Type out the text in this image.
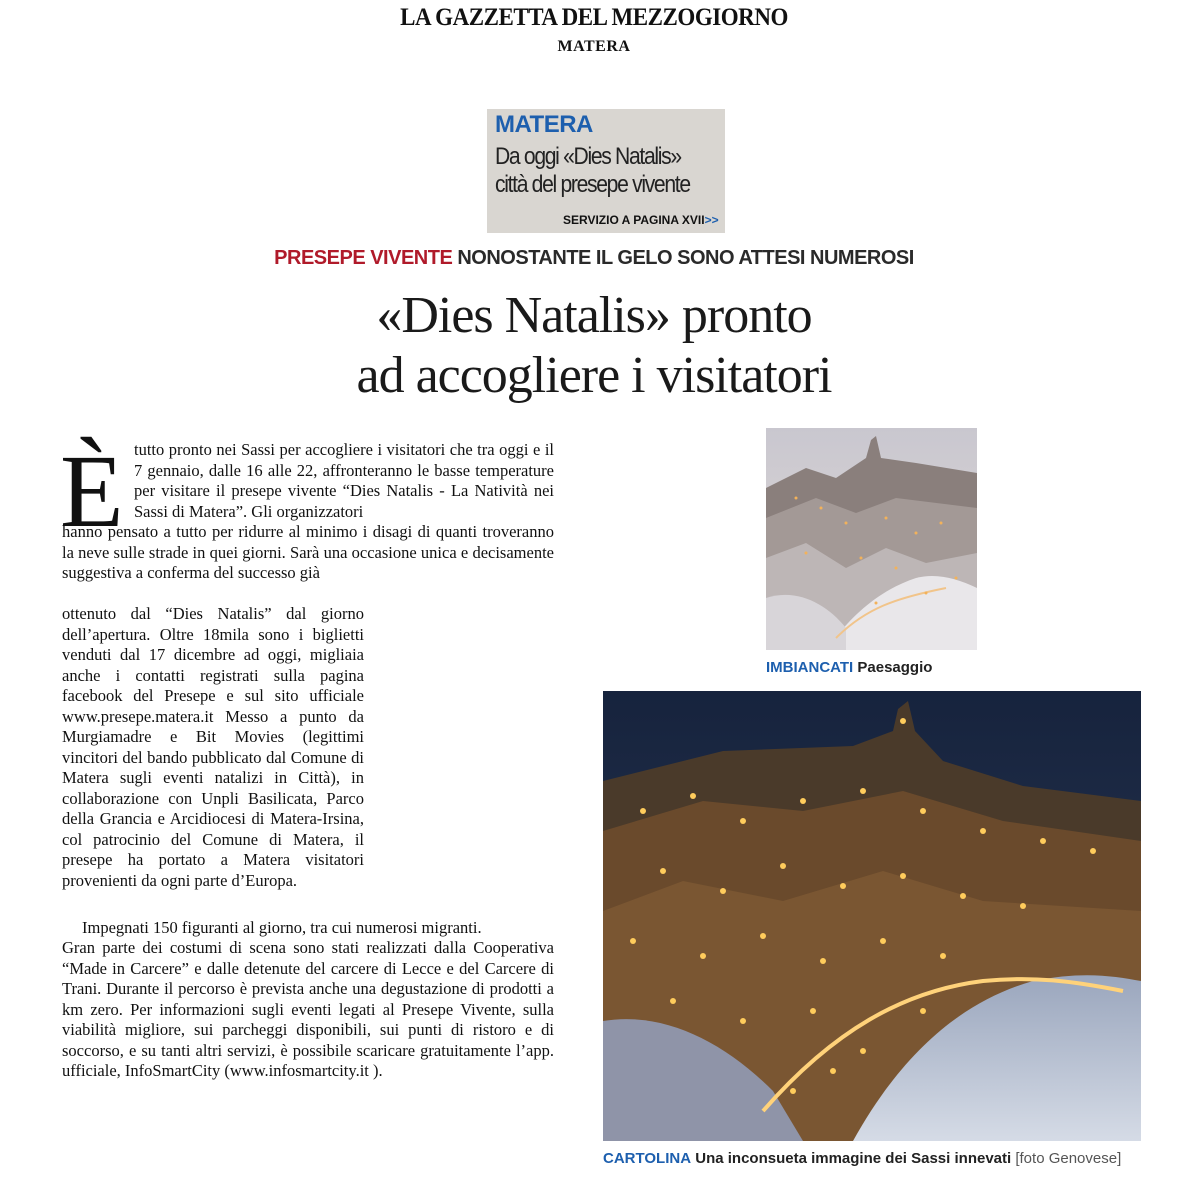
LA GAZZETTA DEL MEZZOGIORNO
MATERA
MATERA
Da oggi «Dies Natalis»
città del presepe vivente
SERVIZIO A PAGINA XVII>>
PRESEPE VIVENTE NONOSTANTE IL GELO SONO ATTESI NUMEROSI
«Dies Natalis» pronto
ad accogliere i visitatori
È tutto pronto nei Sassi per accogliere i visitatori che tra oggi e il 7 gennaio, dalle 16 alle 22, affronteranno le basse temperature per visitare il presepe vivente “Dies Natalis - La Natività nei Sassi di Matera”. Gli organizzatori
hanno pensato a tutto per ridurre al minimo i disagi di quanti troveranno la neve sulle strade in quei giorni. Sarà una occasione unica e decisamente suggestiva a conferma del successo già
ottenuto dal “Dies Natalis” dal giorno dell’apertura. Oltre 18mila sono i biglietti venduti dal 17 dicembre ad oggi, migliaia anche i contatti registrati sulla pagina facebook del Presepe e sul sito ufficiale www.presepe.matera.it Messo a punto da Murgiamadre e Bit Movies (legittimi vincitori del bando pubblicato dal Comune di Matera sugli eventi natalizi in Città), in collaborazione con Unpli Basilicata, Parco della Grancia e Arcidiocesi di Matera-Irsina, col patrocinio del Comune di Matera, il presepe ha portato a Matera visitatori provenienti da ogni parte d’Europa.
Impegnati 150 figuranti al giorno, tra cui numerosi migranti.
Gran parte dei costumi di scena sono stati realizzati dalla Cooperativa “Made in Carcere” e dalle detenute del carcere di Lecce e del Carcere di Trani. Durante il percorso è prevista anche una degustazione di prodotti a km zero. Per informazioni sugli eventi legati al Presepe Vivente, sulla viabilità migliore, sui parcheggi disponibili, sui punti di ristoro e di soccorso, e su tanti altri servizi, è possibile scaricare gratuitamente l’app. ufficiale, InfoSmartCity (www.infosmartcity.it ).
IMBIANCATI Paesaggio
CARTOLINA Una inconsueta immagine dei Sassi innevati [foto Genovese]
